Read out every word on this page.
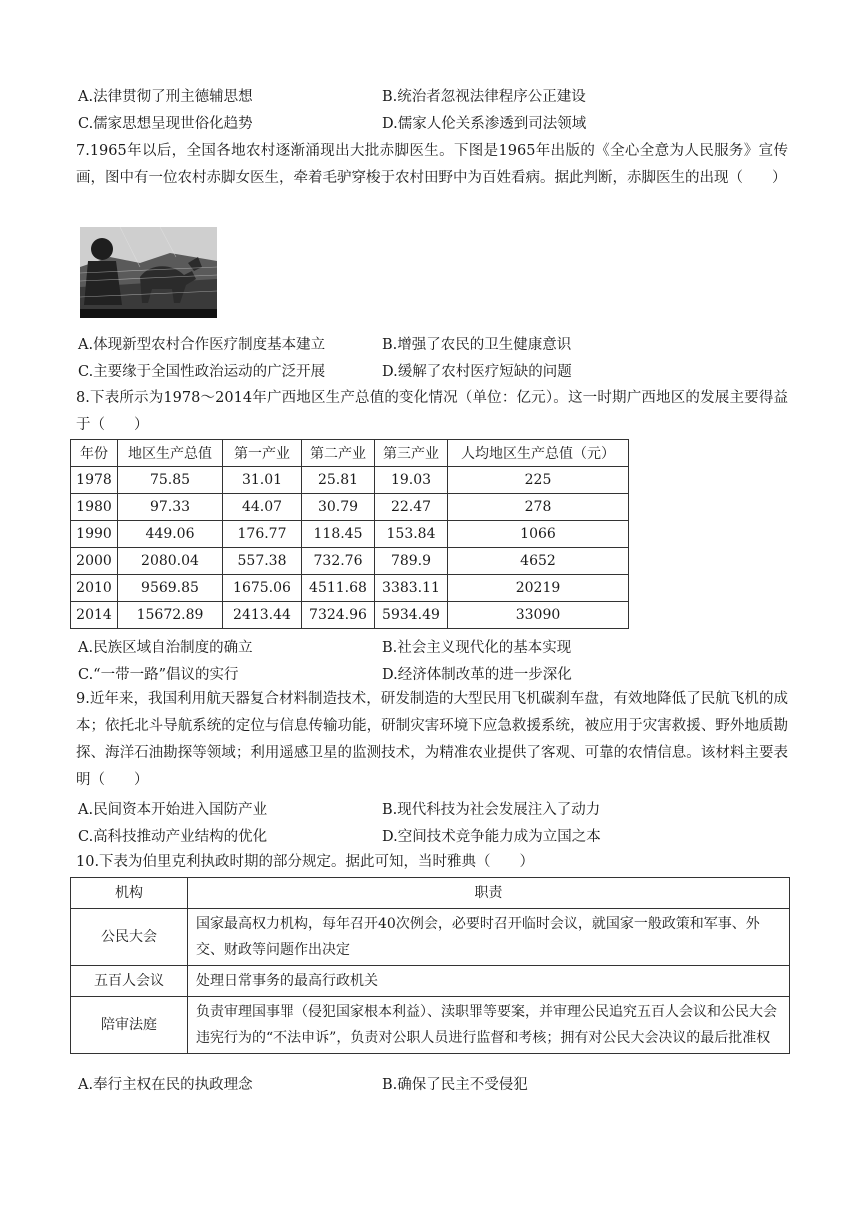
A.法律贯彻了刑主德辅思想	B.统治者忽视法律程序公正建设
C.儒家思想呈现世俗化趋势	D.儒家人伦关系渗透到司法领域
7.1965年以后，全国各地农村逐渐涌现出大批赤脚医生。下图是1965年出版的《全心全意为人民服务》宣传画，图中有一位农村赤脚女医生，牵着毛驴穿梭于农村田野中为百姓看病。据此判断，赤脚医生的出现（　　）
A.体现新型农村合作医疗制度基本建立	B.增强了农民的卫生健康意识
C.主要缘于全国性政治运动的广泛开展	D.缓解了农村医疗短缺的问题
8.下表所示为1978～2014年广西地区生产总值的变化情况（单位：亿元）。这一时期广西地区的发展主要得益于（　　）
年份	地区生产总值	第一产业	第二产业	第三产业	人均地区生产总值（元）
1978	75.85	31.01	25.81	19.03	225
1980	97.33	44.07	30.79	22.47	278
1990	449.06	176.77	118.45	153.84	1066
2000	2080.04	557.38	732.76	789.9	4652
2010	9569.85	1675.06	4511.68	3383.11	20219
2014	15672.89	2413.44	7324.96	5934.49	33090
A.民族区域自治制度的确立	B.社会主义现代化的基本实现
C.“一带一路”倡议的实行	D.经济体制改革的进一步深化
9.近年来，我国利用航天器复合材料制造技术，研发制造的大型民用飞机碳刹车盘，有效地降低了民航飞机的成本；依托北斗导航系统的定位与信息传输功能，研制灾害环境下应急救援系统，被应用于灾害救援、野外地质勘探、海洋石油勘探等领域；利用遥感卫星的监测技术，为精准农业提供了客观、可靠的农情信息。该材料主要表明（　　）
A.民间资本开始进入国防产业	B.现代科技为社会发展注入了动力
C.高科技推动产业结构的优化	D.空间技术竞争能力成为立国之本
10.下表为伯里克利执政时期的部分规定。据此可知，当时雅典（　　）
机构	职责
公民大会	国家最高权力机构，每年召开40次例会，必要时召开临时会议，就国家一般政策和军事、外交、财政等问题作出决定
五百人会议	处理日常事务的最高行政机关
陪审法庭	负责审理国事罪（侵犯国家根本利益）、渎职罪等要案，并审理公民追究五百人会议和公民大会违宪行为的“不法申诉”，负责对公职人员进行监督和考核；拥有对公民大会决议的最后批准权
A.奉行主权在民的执政理念	B.确保了民主不受侵犯
